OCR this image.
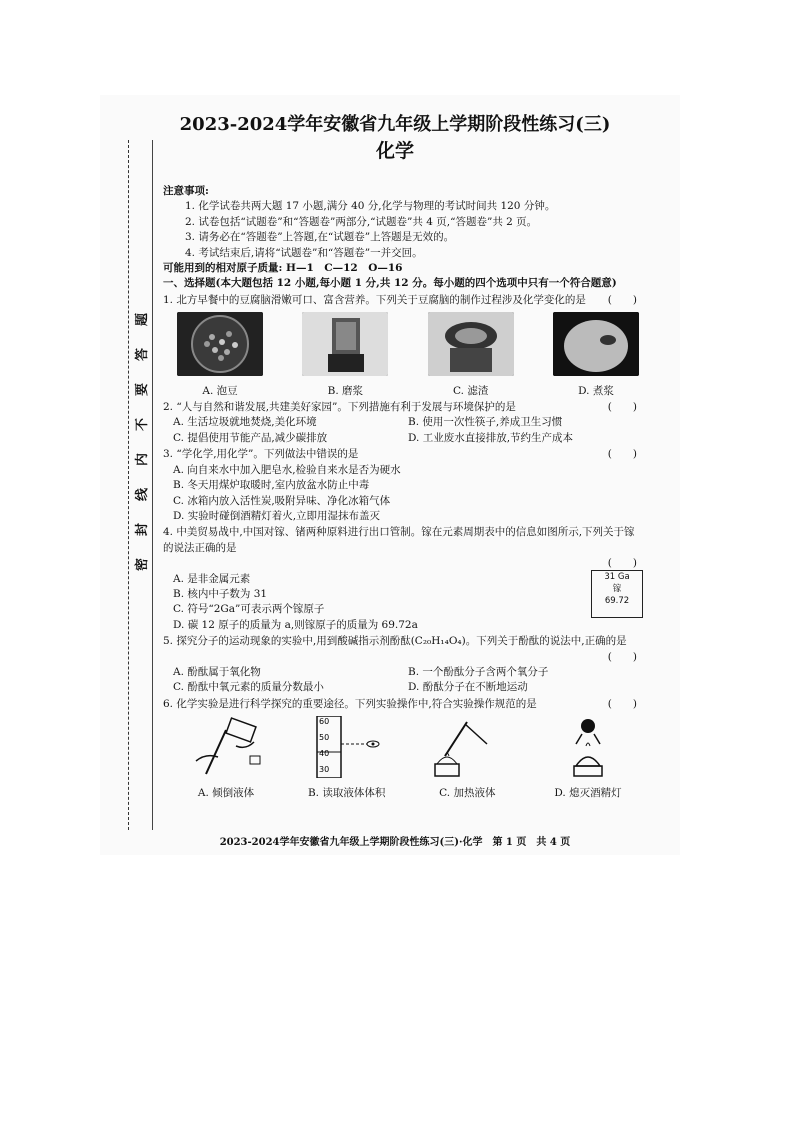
题
答
要
不
内
线
封
密
2023-2024学年安徽省九年级上学期阶段性练习(三)
化学
注意事项:
1. 化学试卷共两大题 17 小题,满分 40 分,化学与物理的考试时间共 120 分钟。
2. 试卷包括“试题卷”和“答题卷”两部分,“试题卷”共 4 页,“答题卷”共 2 页。
3. 请务必在“答题卷”上答题,在“试题卷”上答题是无效的。
4. 考试结束后,请将“试题卷”和“答题卷”一并交回。
可能用到的相对原子质量: H—1　C—12　O—16
一、选择题(本大题包括 12 小题,每小题 1 分,共 12 分。每小题的四个选项中只有一个符合题意)
1. 北方早餐中的豆腐脑滑嫩可口、富含营养。下列关于豆腐脑的制作过程涉及化学变化的是 (　　)
A. 泡豆	B. 磨浆	C. 滤渣	D. 煮浆
2. “人与自然和谐发展,共建美好家园”。下列措施有利于发展与环境保护的是	(　　)
A. 生活垃圾就地焚烧,美化环境	B. 使用一次性筷子,养成卫生习惯
C. 提倡使用节能产品,减少碳排放	D. 工业废水直接排放,节约生产成本
3. “学化学,用化学”。下列做法中错误的是	(　　)
A. 向自来水中加入肥皂水,检验自来水是否为硬水
B. 冬天用煤炉取暖时,室内放盆水防止中毒
C. 冰箱内放入活性炭,吸附异味、净化冰箱气体
D. 实验时碰倒酒精灯着火,立即用湿抹布盖灭
4. 中美贸易战中,中国对镓、锗两种原料进行出口管制。镓在元素周期表中的信息如图所示,下列关于镓的说法正确的是
31 Ga
镓
69.72
(　　)
A. 是非金属元素
B. 核内中子数为 31
C. 符号“2Ga”可表示两个镓原子
D. 碳 12 原子的质量为 a,则镓原子的质量为 69.72a
5. 探究分子的运动现象的实验中,用到酸碱指示剂酚酞(C₂₀H₁₄O₄)。下列关于酚酞的说法中,正确的是
(　　)
A. 酚酞属于氧化物	B. 一个酚酞分子含两个氧分子
C. 酚酞中氧元素的质量分数最小	D. 酚酞分子在不断地运动
6. 化学实验是进行科学探究的重要途径。下列实验操作中,符合实验操作规范的是	(　　)
A. 倾倒液体
60
50
40
30
B. 读取液体体积	C. 加热液体	D. 熄灭酒精灯
2023-2024学年安徽省九年级上学期阶段性练习(三)·化学　第 1 页　共 4 页
